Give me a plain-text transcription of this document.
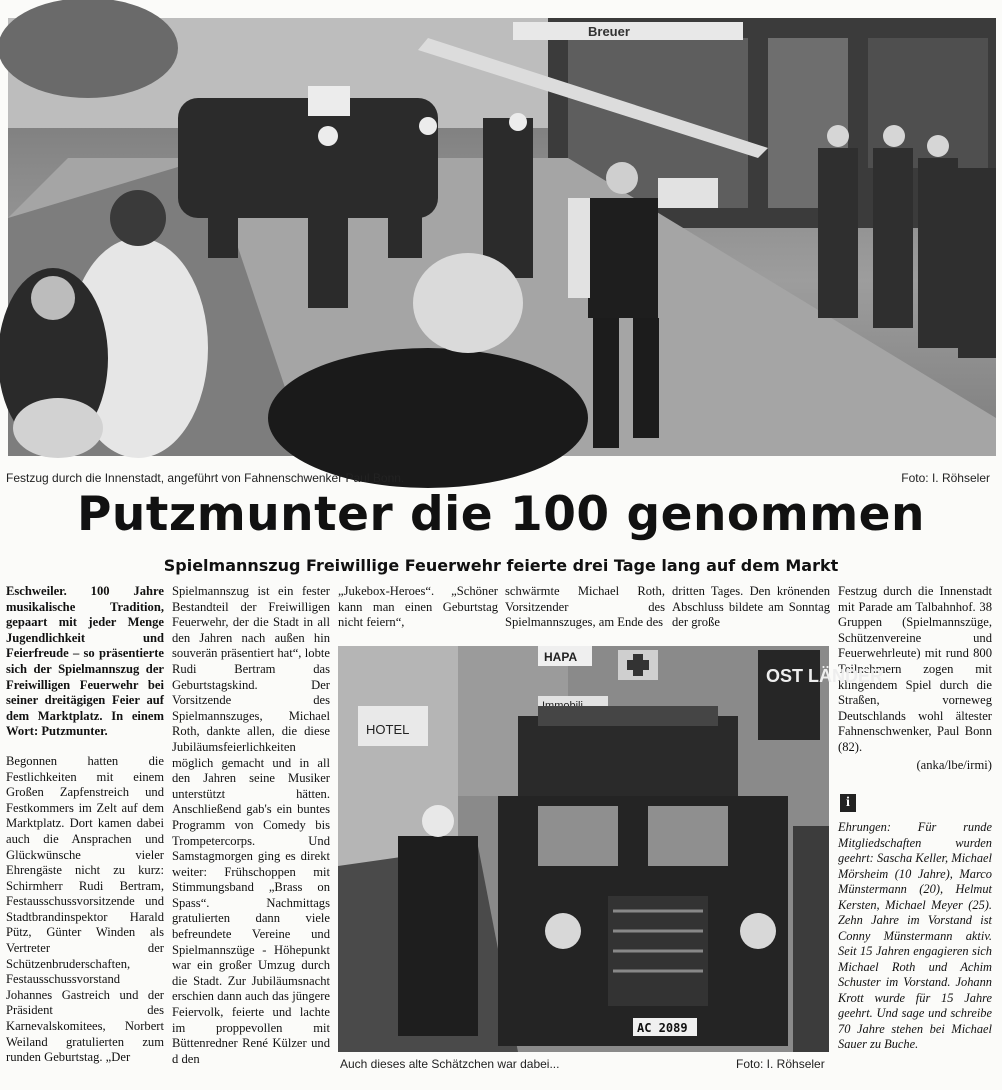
Breuer
Festzug durch die Innenstadt, angeführt von Fahnenschwenker Paul Bonn.	Foto: I. Röhseler
Putzmunter die 100 genommen
Spielmannszug Freiwillige Feuerwehr feierte drei Tage lang auf dem Markt

Eschweiler. 100 Jahre musikalische Tradition, gepaart mit jeder Menge Jugendlichkeit und Feierfreude – so präsentierte sich der Spielmannszug der Freiwilligen Feuerwehr bei seiner dreitägigen Feier auf dem Marktplatz. In einem Wort: Putzmunter.

Begonnen hatten die Festlichkeiten mit einem Großen Zapfenstreich und Festkommers im Zelt auf dem Marktplatz. Dort kamen dabei auch die Ansprachen und Glückwünsche vieler Ehrengäste nicht zu kurz: Schirmherr Rudi Bertram, Festausschussvorsitzende und Stadtbrandinspektor Harald Pütz, Günter Winden als Vertreter der Schützenbruderschaften, Festausschussvorstand Johannes Gastreich und der Präsident des Karnevalskomitees, Norbert Weiland gratulierten zum runden Geburtstag. „Der

Spielmannszug ist ein fester Bestandteil der Freiwilligen Feuerwehr, der die Stadt in all den Jahren nach außen hin souverän präsentiert hat“, lobte Rudi Bertram das Geburtstagskind. Der Vorsitzende des Spielmannszuges, Michael Roth, dankte allen, die diese Jubiläumsfeierlichkeiten möglich gemacht und in all den Jahren seine Musiker unterstützt hätten. Anschließend gab's ein buntes Programm von Comedy bis Trompetercorps. Und Samstagmorgen ging es direkt weiter: Frühschoppen mit Stimmungsband „Brass on Spass“. Nachmittags gratulierten dann viele befreundete Vereine und Spielmannszüge - Höhepunkt war ein großer Umzug durch die Stadt. Zur Jubiläumsnacht erschien dann auch das jüngere Feiervolk, feierte und lachte im proppevollen mit Büttenredner René Külzer und d den

„Jukebox-Heroes“. „Schöner kann man einen Geburtstag nicht feiern“,

schwärmte Michael Roth, Vorsitzender des Spielmannszuges, am Ende des

dritten Tages. Den krönenden Abschluss bildete am Sonntag der große

Festzug durch die Innenstadt mit Parade am Talbahnhof. 38 Gruppen (Spielmannszüge, Schützenvereine und Feuerwehrleute) mit rund 800 Teilnehmern zogen mit klingendem Spiel durch die Straßen, vorneweg Deutschlands wohl ältester Fahnenschwenker, Paul Bonn (82).

(anka/lbe/irmi)

HOTEL
HAPA
OST LÄNDER
AC 2089
Auch dieses alte Schätzchen war dabei...	Foto: I. Röhseler
i
Ehrungen: Für runde Mitgliedschaften wurden geehrt: Sascha Keller, Michael Mörsheim (10 Jahre), Marco Münstermann (20), Helmut Kersten, Michael Meyer (25). Zehn Jahre im Vorstand ist Conny Münstermann aktiv. Seit 15 Jahren engagieren sich Michael Roth und Achim Schuster im Vorstand. Johann Krott wurde für 15 Jahre geehrt. Und sage und schreibe 70 Jahre stehen bei Michael Sauer zu Buche.
